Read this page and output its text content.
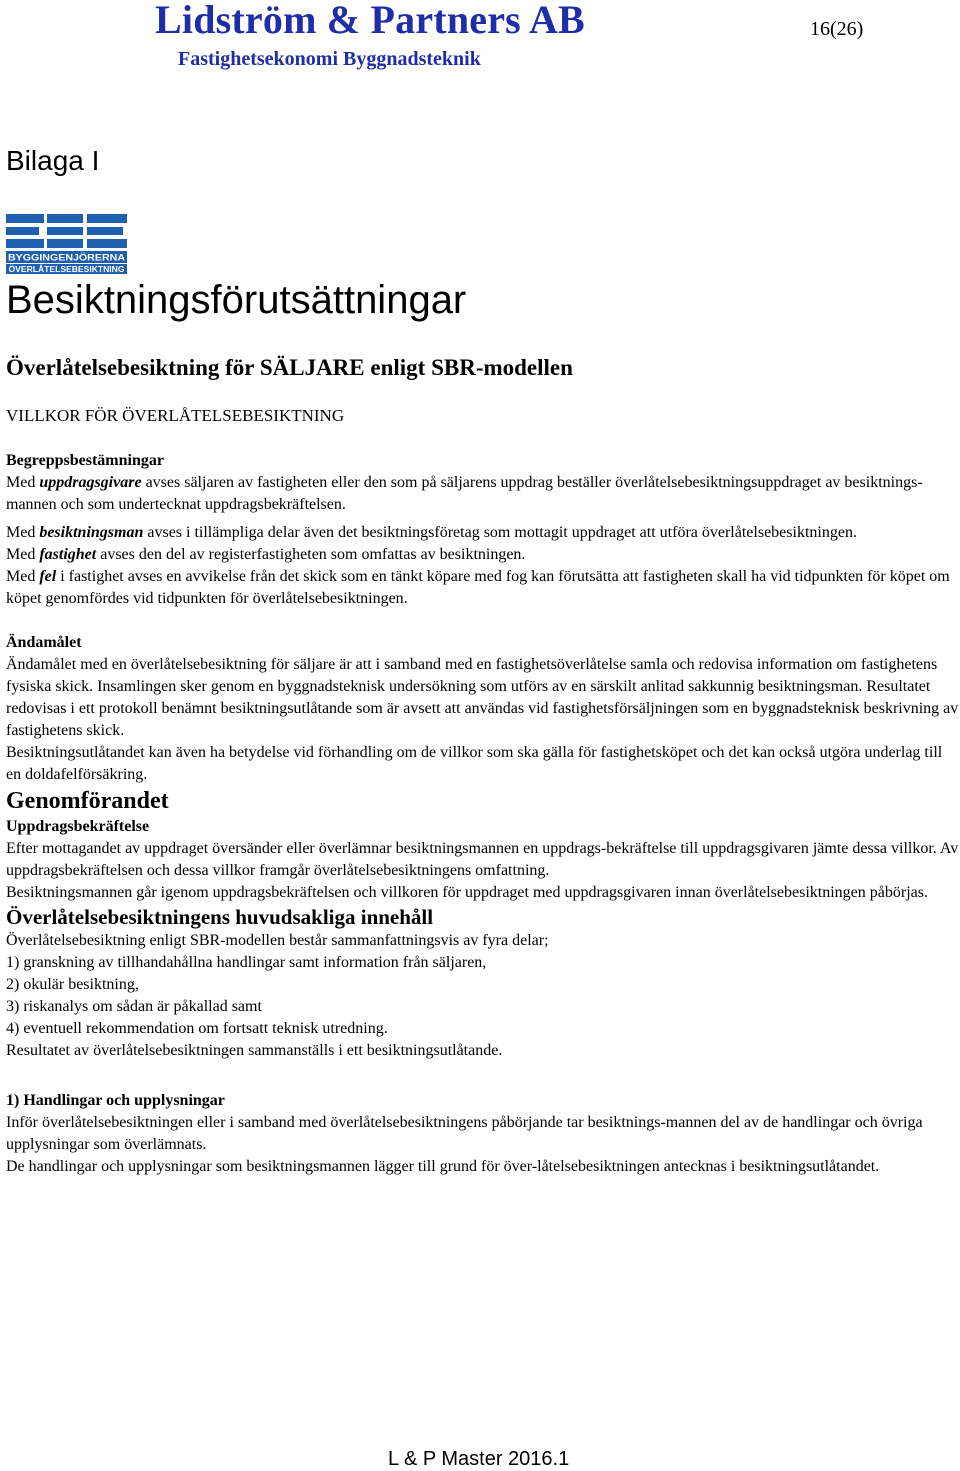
Lidström & Partners AB
Fastighetsekonomi Byggnadsteknik
16(26)
Bilaga I
BYGGINGENJÖRERNA
ÖVERLÅTELSEBESIKTNING
Besiktningsförutsättningar
Överlåtelsebesiktning för SÄLJARE enligt SBR-modellen
VILLKOR FÖR ÖVERLÅTELSEBESIKTNING

Begreppsbestämningar

Med uppdragsgivare avses säljaren av fastigheten eller den som på säljarens uppdrag beställer överlåtelsebesiktningsuppdraget av besiktnings-mannen och som undertecknat uppdragsbekräftelsen.

Med besiktningsman avses i tillämpliga delar även det besiktningsföretag som mottagit uppdraget att utföra överlåtelsebesiktningen.

Med fastighet avses den del av registerfastigheten som omfattas av besiktningen.

Med fel i fastighet avses en avvikelse från det skick som en tänkt köpare med fog kan förutsätta att fastigheten skall ha vid tidpunkten för köpet om köpet genomfördes vid tidpunkten för överlåtelsebesiktningen.

Ändamålet

Ändamålet med en överlåtelsebesiktning för säljare är att i samband med en fastighetsöverlåtelse samla och redovisa information om fastighetens fysiska skick. Insamlingen sker genom en byggnadsteknisk undersökning som utförs av en särskilt anlitad sakkunnig besiktningsman. Resultatet redovisas i ett protokoll benämnt besiktningsutlåtande som är avsett att användas vid fastighetsförsäljningen som en byggnadsteknisk beskrivning av fastighetens skick.

Besiktningsutlåtandet kan även ha betydelse vid förhandling om de villkor som ska gälla för fastighetsköpet och det kan också utgöra underlag till en doldafelförsäkring.

Genomförandet

Uppdragsbekräftelse

Efter mottagandet av uppdraget översänder eller överlämnar besiktningsmannen en uppdrags-bekräftelse till uppdragsgivaren jämte dessa villkor. Av uppdragsbekräftelsen och dessa villkor framgår överlåtelsebesiktningens omfattning.

Besiktningsmannen går igenom uppdragsbekräftelsen och villkoren för uppdraget med uppdragsgivaren innan överlåtelsebesiktningen påbörjas.

Överlåtelsebesiktningens huvudsakliga innehåll

Överlåtelsebesiktning enligt SBR-modellen består sammanfattningsvis av fyra delar;

1) granskning av tillhandahållna handlingar samt information från säljaren,

2) okulär besiktning,

3) riskanalys om sådan är påkallad samt

4) eventuell rekommendation om fortsatt teknisk utredning.

Resultatet av överlåtelsebesiktningen sammanställs i ett besiktningsutlåtande.

1) Handlingar och upplysningar

Inför överlåtelsebesiktningen eller i samband med överlåtelsebesiktningens påbörjande tar besiktnings-mannen del av de handlingar och övriga upplysningar som överlämnats.

De handlingar och upplysningar som besiktningsmannen lägger till grund för över-låtelsebesiktningen antecknas i besiktningsutlåtandet.

L & P Master 2016.1
